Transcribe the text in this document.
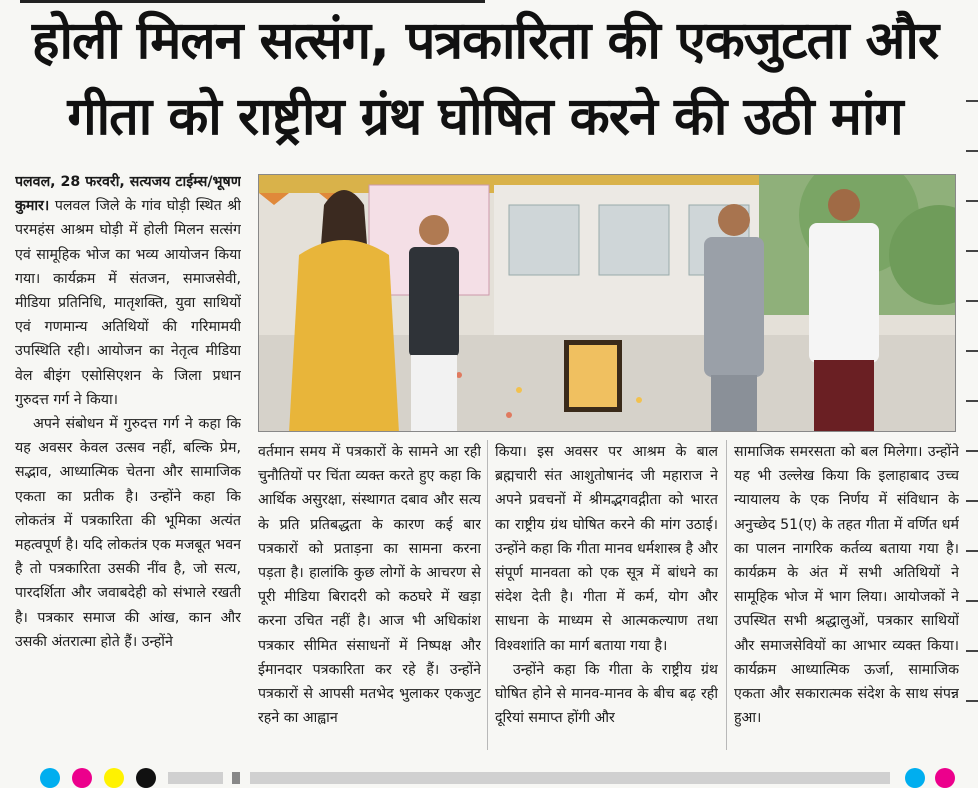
होली मिलन सत्संग, पत्रकारिता की एकजुटता और
गीता को राष्ट्रीय ग्रंथ घोषित करने की उठी मांग

पलवल, 28 फरवरी, सत्यजय टाईम्स/भूषण कुमार। पलवल जिले के गांव घोड़ी स्थित श्री परमहंस आश्रम घोड़ी में होली मिलन सत्संग एवं सामूहिक भोज का भव्य आयोजन किया गया। कार्यक्रम में संतजन, समाजसेवी, मीडिया प्रतिनिधि, मातृशक्ति, युवा साथियों एवं गणमान्य अतिथियों की गरिमामयी उपस्थिति रही। आयोजन का नेतृत्व मीडिया वेल बीइंग एसोसिएशन के जिला प्रधान गुरुदत्त गर्ग ने किया।

अपने संबोधन में गुरुदत्त गर्ग ने कहा कि यह अवसर केवल उत्सव नहीं, बल्कि प्रेम, सद्भाव, आध्यात्मिक चेतना और सामाजिक एकता का प्रतीक है। उन्होंने कहा कि लोकतंत्र में पत्रकारिता की भूमिका अत्यंत महत्वपूर्ण है। यदि लोकतंत्र एक मजबूत भवन है तो पत्रकारिता उसकी नींव है, जो सत्य, पारदर्शिता और जवाबदेही को संभाले रखती है। पत्रकार समाज की आंख, कान और उसकी अंतरात्मा होते हैं। उन्होंने

वर्तमान समय में पत्रकारों के सामने आ रही चुनौतियों पर चिंता व्यक्त करते हुए कहा कि आर्थिक असुरक्षा, संस्थागत दबाव और सत्य के प्रति प्रतिबद्धता के कारण कई बार पत्रकारों को प्रताड़ना का सामना करना पड़ता है। हालांकि कुछ लोगों के आचरण से पूरी मीडिया बिरादरी को कठघरे में खड़ा करना उचित नहीं है। आज भी अधिकांश पत्रकार सीमित संसाधनों में निष्पक्ष और ईमानदार पत्रकारिता कर रहे हैं। उन्होंने पत्रकारों से आपसी मतभेद भुलाकर एकजुट रहने का आह्वान

किया। इस अवसर पर आश्रम के बाल ब्रह्मचारी संत आशुतोषानंद जी महाराज ने अपने प्रवचनों में श्रीमद्भगवद्गीता को भारत का राष्ट्रीय ग्रंथ घोषित करने की मांग उठाई। उन्होंने कहा कि गीता मानव धर्मशास्त्र है और संपूर्ण मानवता को एक सूत्र में बांधने का संदेश देती है। गीता में कर्म, योग और साधना के माध्यम से आत्मकल्याण तथा विश्वशांति का मार्ग बताया गया है।

उन्होंने कहा कि गीता के राष्ट्रीय ग्रंथ घोषित होने से मानव-मानव के बीच बढ़ रही दूरियां समाप्त होंगी और

सामाजिक समरसता को बल मिलेगा। उन्होंने यह भी उल्लेख किया कि इलाहाबाद उच्च न्यायालय के एक निर्णय में संविधान के अनुच्छेद 51(ए) के तहत गीता में वर्णित धर्म का पालन नागरिक कर्तव्य बताया गया है। कार्यक्रम के अंत में सभी अतिथियों ने सामूहिक भोज में भाग लिया। आयोजकों ने उपस्थित सभी श्रद्धालुओं, पत्रकार साथियों और समाजसेवियों का आभार व्यक्त किया। कार्यक्रम आध्यात्मिक ऊर्जा, सामाजिक एकता और सकारात्मक संदेश के साथ संपन्न हुआ।
